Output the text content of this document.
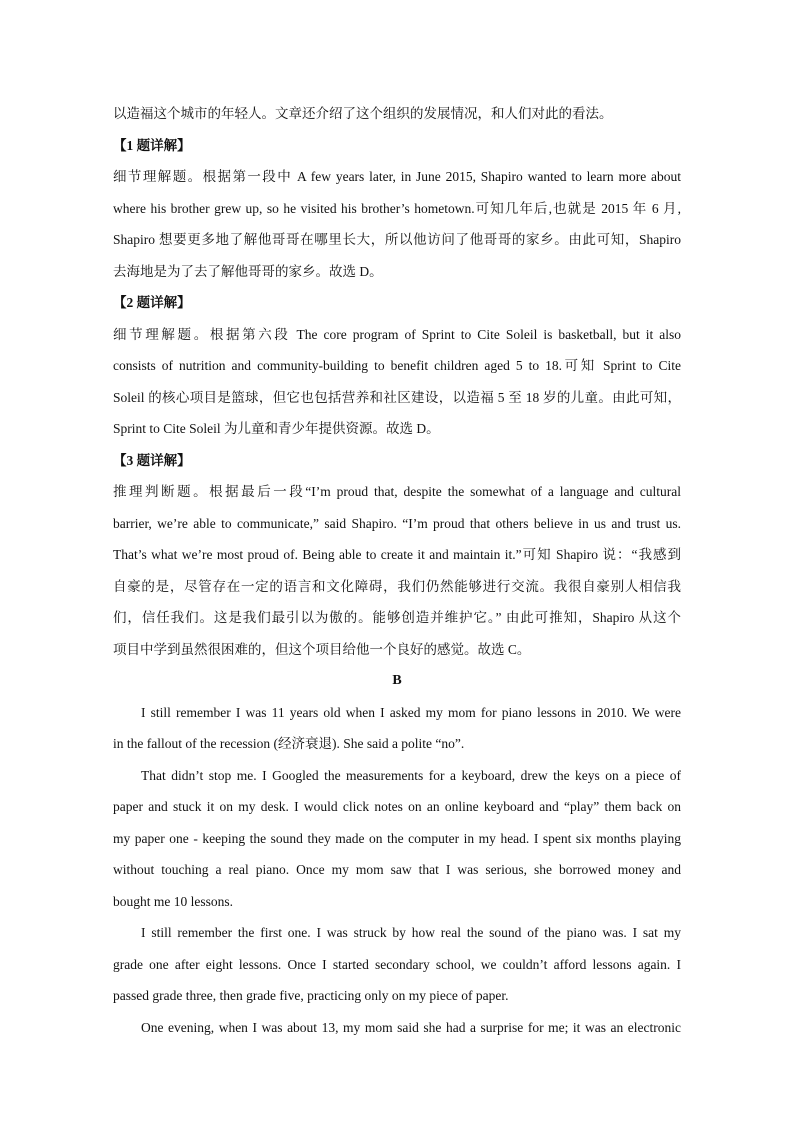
以造福这个城市的年轻人。文章还介绍了这个组织的发展情况，和人们对此的看法。
【1 题详解】
细节理解题。根据第一段中 A few years later, in June 2015, Shapiro wanted to learn more about
where his brother grew up, so he visited his brother’s hometown.可知几年后,也就是 2015 年 6 月,
Shapiro 想要更多地了解他哥哥在哪里长大，所以他访问了他哥哥的家乡。由此可知，Shapiro
去海地是为了去了解他哥哥的家乡。故选 D。
【2 题详解】
细节理解题。根据第六段 The core program of Sprint to Cite Soleil is basketball, but it also
consists of nutrition and community-building to benefit children aged 5 to 18.可知 Sprint to Cite
Soleil 的核心项目是篮球，但它也包括营养和社区建设，以造福 5 至 18 岁的儿童。由此可知，
Sprint to Cite Soleil 为儿童和青少年提供资源。故选 D。
【3 题详解】
推理判断题。根据最后一段“I’m proud that, despite the somewhat of a language and cultural
barrier, we’re able to communicate,” said Shapiro. “I’m proud that others believe in us and trust us.
That’s what we’re most proud of. Being able to create it and maintain it.”可知 Shapiro 说：“我感到
自豪的是，尽管存在一定的语言和文化障碍，我们仍然能够进行交流。我很自豪别人相信我
们，信任我们。这是我们最引以为傲的。能够创造并维护它。” 由此可推知，Shapiro 从这个
项目中学到虽然很困难的，但这个项目给他一个良好的感觉。故选 C。
B
I still remember I was 11 years old when I asked my mom for piano lessons in 2010. We were
in the fallout of the recession (经济衰退). She said a polite “no”.
That didn’t stop me. I Googled the measurements for a keyboard, drew the keys on a piece of
paper and stuck it on my desk. I would click notes on an online keyboard and “play” them back on
my paper one - keeping the sound they made on the computer in my head. I spent six months playing
without touching a real piano. Once my mom saw that I was serious, she borrowed money and
bought me 10 lessons.
I still remember the first one. I was struck by how real the sound of the piano was. I sat my
grade one after eight lessons. Once I started secondary school, we couldn’t afford lessons again. I
passed grade three, then grade five, practicing only on my piece of paper.
One evening, when I was about 13, my mom said she had a surprise for me; it was an electronic
